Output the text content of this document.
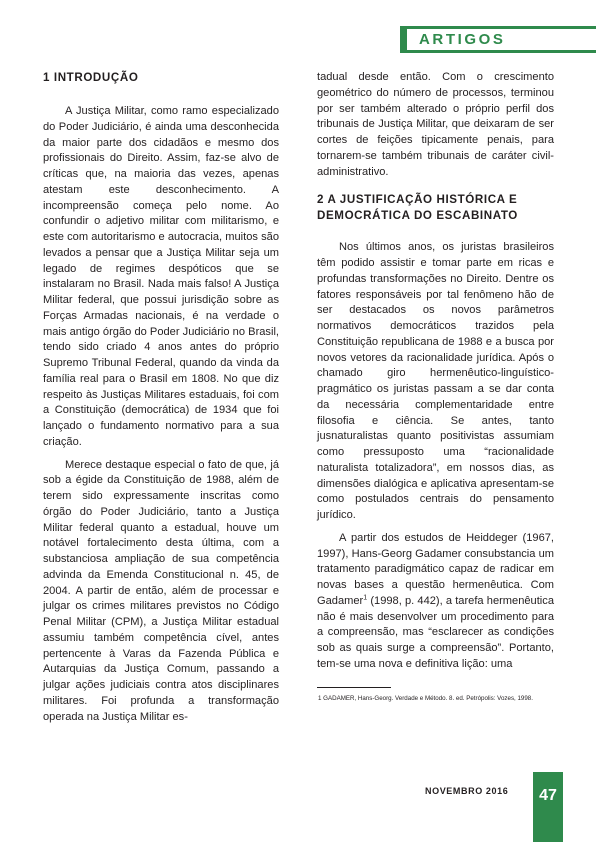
ARTIGOS
1 INTRODUÇÃO

A Justiça Militar, como ramo especializado do Poder Judiciário, é ainda uma desconhecida da maior parte dos cidadãos e mesmo dos profissionais do Direito. Assim, faz-se alvo de críticas que, na maioria das vezes, apenas atestam este desconhecimento. A incompreensão começa pelo nome. Ao confundir o adjetivo militar com militarismo, e este com autoritarismo e autocracia, muitos são levados a pensar que a Justiça Militar seja um legado de regimes despóticos que se instalaram no Brasil. Nada mais falso! A Justiça Militar federal, que possui jurisdição sobre as Forças Armadas nacionais, é na verdade o mais antigo órgão do Poder Judiciário no Brasil, tendo sido criado 4 anos antes do próprio Supremo Tribunal Federal, quando da vinda da família real para o Brasil em 1808. No que diz respeito às Justiças Militares estaduais, foi com a Constituição (democrática) de 1934 que foi lançado o fundamento normativo para a sua criação.

Merece destaque especial o fato de que, já sob a égide da Constituição de 1988, além de terem sido expressamente inscritas como órgão do Poder Judiciário, tanto a Justiça Militar federal quanto a estadual, houve um notável fortalecimento desta última, com a substanciosa ampliação de sua competência advinda da Emenda Constitucional n. 45, de 2004. A partir de então, além de processar e julgar os crimes militares previstos no Código Penal Militar (CPM), a Justiça Militar estadual assumiu também competência cível, antes pertencente à Varas da Fazenda Pública e Autarquias da Justiça Comum, passando a julgar ações judiciais contra atos disciplinares militares. Foi profunda a transformação operada na Justiça Militar es-

tadual desde então. Com o crescimento geométrico do número de processos, terminou por ser também alterado o próprio perfil dos tribunais de Justiça Militar, que deixaram de ser cortes de feições tipicamente penais, para tornarem-se também tribunais de caráter civil-administrativo.

2 A JUSTIFICAÇÃO HISTÓRICA E DEMOCRÁTICA DO ESCABINATO

Nos últimos anos, os juristas brasileiros têm podido assistir e tomar parte em ricas e profundas transformações no Direito. Dentre os fatores responsáveis por tal fenômeno hão de ser destacados os novos parâmetros normativos democráticos trazidos pela Constituição republicana de 1988 e a busca por novos vetores da racionalidade jurídica. Após o chamado giro hermenêutico-linguístico-pragmático os juristas passam a se dar conta da necessária complementaridade entre filosofia e ciência. Se antes, tanto jusnaturalistas quanto positivistas assumiam como pressuposto uma “racionalidade naturalista totalizadora”, em nossos dias, as dimensões dialógica e aplicativa apresentam-se como postulados centrais do pensamento jurídico.

A partir dos estudos de Heiddeger (1967, 1997), Hans-Georg Gadamer consubstancia um tratamento paradigmático capaz de radicar em novas bases a questão hermenêutica. Com Gadamer$^1$ (1998, p. 442), a tarefa hermenêutica não é mais desenvolver um procedimento para a compreensão, mas “esclarecer as condições sob as quais surge a compreensão”. Portanto, tem-se uma nova e definitiva lição: uma

1 GADAMER, Hans-Georg. Verdade e Método. 8. ed. Petrópolis: Vozes, 1998.
NOVEMBRO 2016	47
